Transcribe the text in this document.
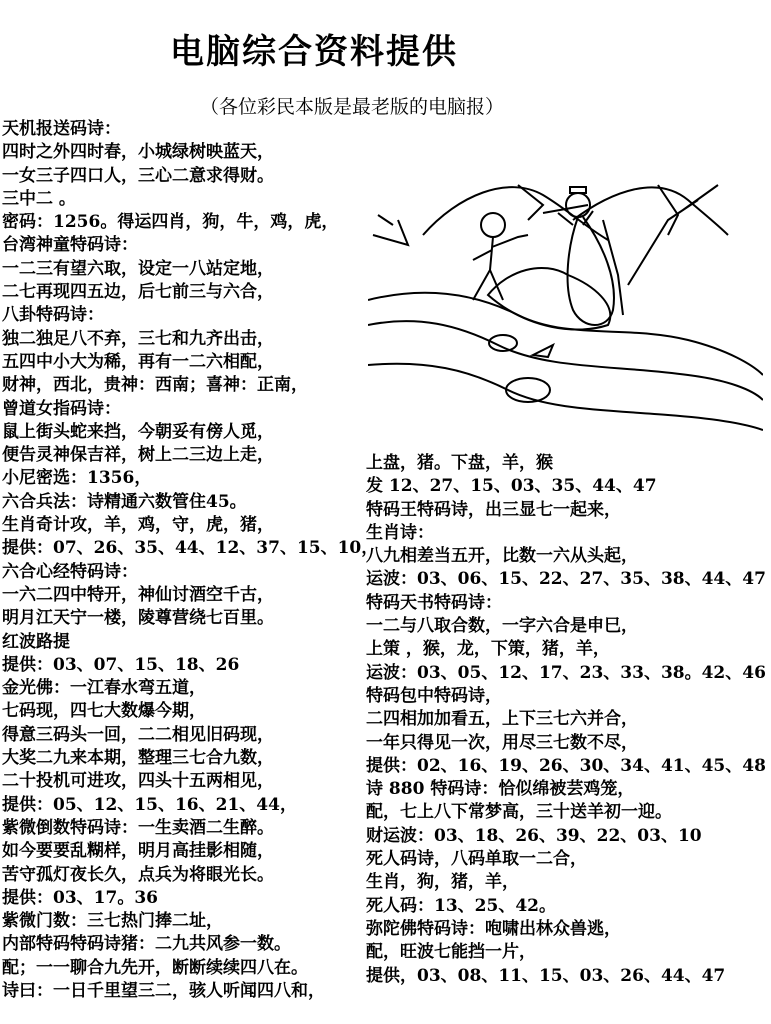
电脑综合资料提供
（各位彩民本版是最老版的电脑报）
天机报送码诗：
四时之外四时春，小城绿树映蓝天，
一女三子四口人，三心二意求得财。
三中二 。
密码：1256。得运四肖，狗，牛，鸡，虎，
台湾神童特码诗：
一二三有望六取，设定一八站定地，
二七再现四五边，后七前三与六合，
八卦特码诗：
独二独足八不弃，三七和九齐出击，
五四中小大为稀，再有一二六相配，
财神，西北，贵神：西南；喜神：正南，
曾道女指码诗：
鼠上街头蛇来挡，今朝妥有傍人觅，
便告灵神保吉祥，树上二三边上走，
小尼密选：1356，
六合兵法：诗精通六数管住45。
生肖奇计攻，羊，鸡，守，虎，猪，
提供：07、26、35、44、12、37、15、10，
六合心经特码诗：
一六二四中特开，神仙讨酒空千古，
明月江天宁一楼，陵尊营绕七百里。
红波路提
提供：03、07、15、18、26
金光佛：一江春水弯五道，
七码现，四七大数爆今期，
得意三码头一回，二二相见旧码现，
大奖二九来本期，整理三七合九数，
二十投机可进攻，四头十五两相见，
提供：05、12、15、16、21、44，
紫微倒数特码诗：一生卖酒二生醉。
如今要要乱糊样，明月高挂影相随，
苦守孤灯夜长久，点兵为将眼光长。
提供：03、17。36
紫微门数：三七热门捧二址，
内部特码特码诗猪：二九共风参一数。
配；一一聊合九先开，断断续续四八在。
诗曰：一日千里望三二，骇人听闻四八和，
上盘，猪。下盘，羊，猴
发 12、27、15、03、35、44、47
特码王特码诗，出三显七一起来，
生肖诗：
八九相差当五开，比数一六从头起，
运波：03、06、15、22、27、35、38、44、47
特码天书特码诗：
一二与八取合数，一字六合是申巳，
上策 ，猴，龙，下策，猪，羊，
运波：03、05、12、17、23、33、38。42、46
特码包中特码诗，
二四相加加看五，上下三七六并合，
一年只得见一次，用尽三七数不尽，
提供：02、16、19、26、30、34、41、45、48
诗 880 特码诗：恰似绵被芸鸡笼，
配，七上八下常梦高，三十送羊初一迎。
财运波：03、18、26、39、22、03、10
死人码诗，八码单取一二合，
生肖，狗，猪，羊，
死人码：13、25、42。
弥陀佛特码诗：咆啸出林众兽逃，
配，旺波七能挡一片，
提供，03、08、11、15、03、26、44、47
